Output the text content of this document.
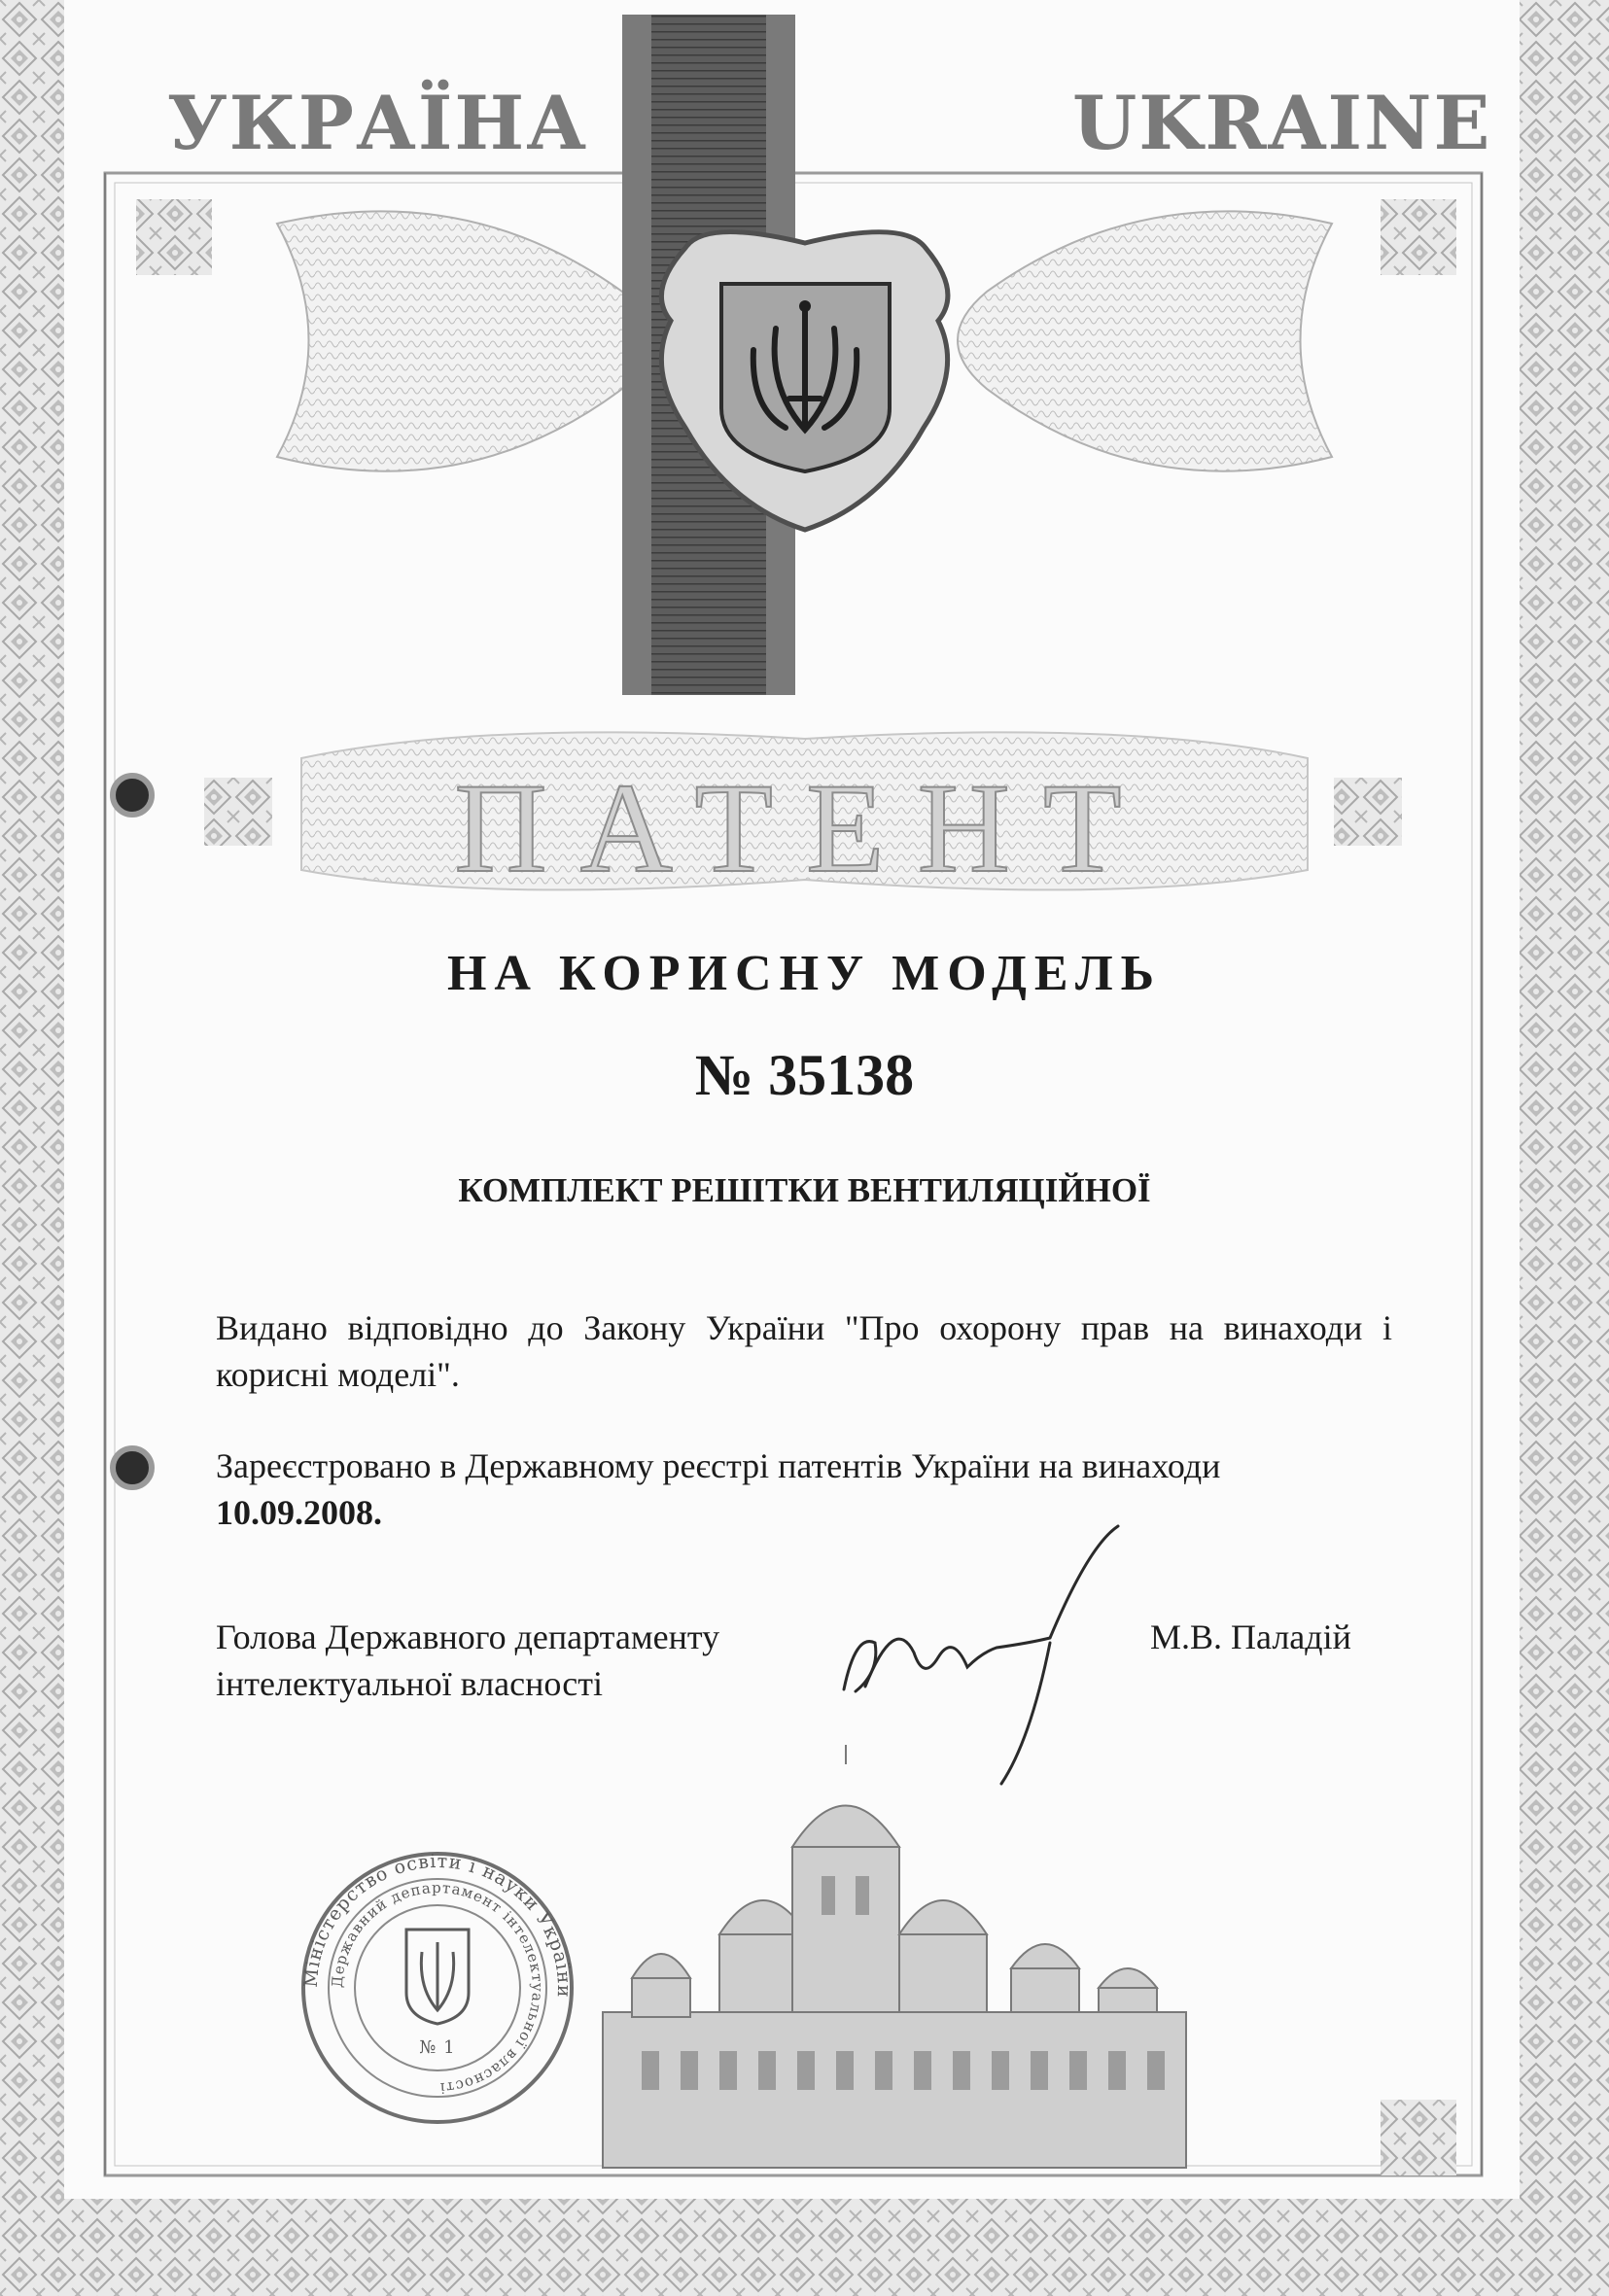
Міністерство освіти і науки України
Державний департамент інтелектуальної власності
№ 1
УКРАЇНА	UKRAINE
ПАТЕНТ
НА КОРИСНУ МОДЕЛЬ
№ 35138
КОМПЛЕКТ РЕШІТКИ ВЕНТИЛЯЦІЙНОЇ

Видано відповідно до Закону України "Про охорону прав на винаходи і корисні моделі".

Зареєстровано в Державному реєстрі патентів України на винаходи
10.09.2008.
Голова Державного департаменту
інтелектуальної власності
М.В. Паладій
